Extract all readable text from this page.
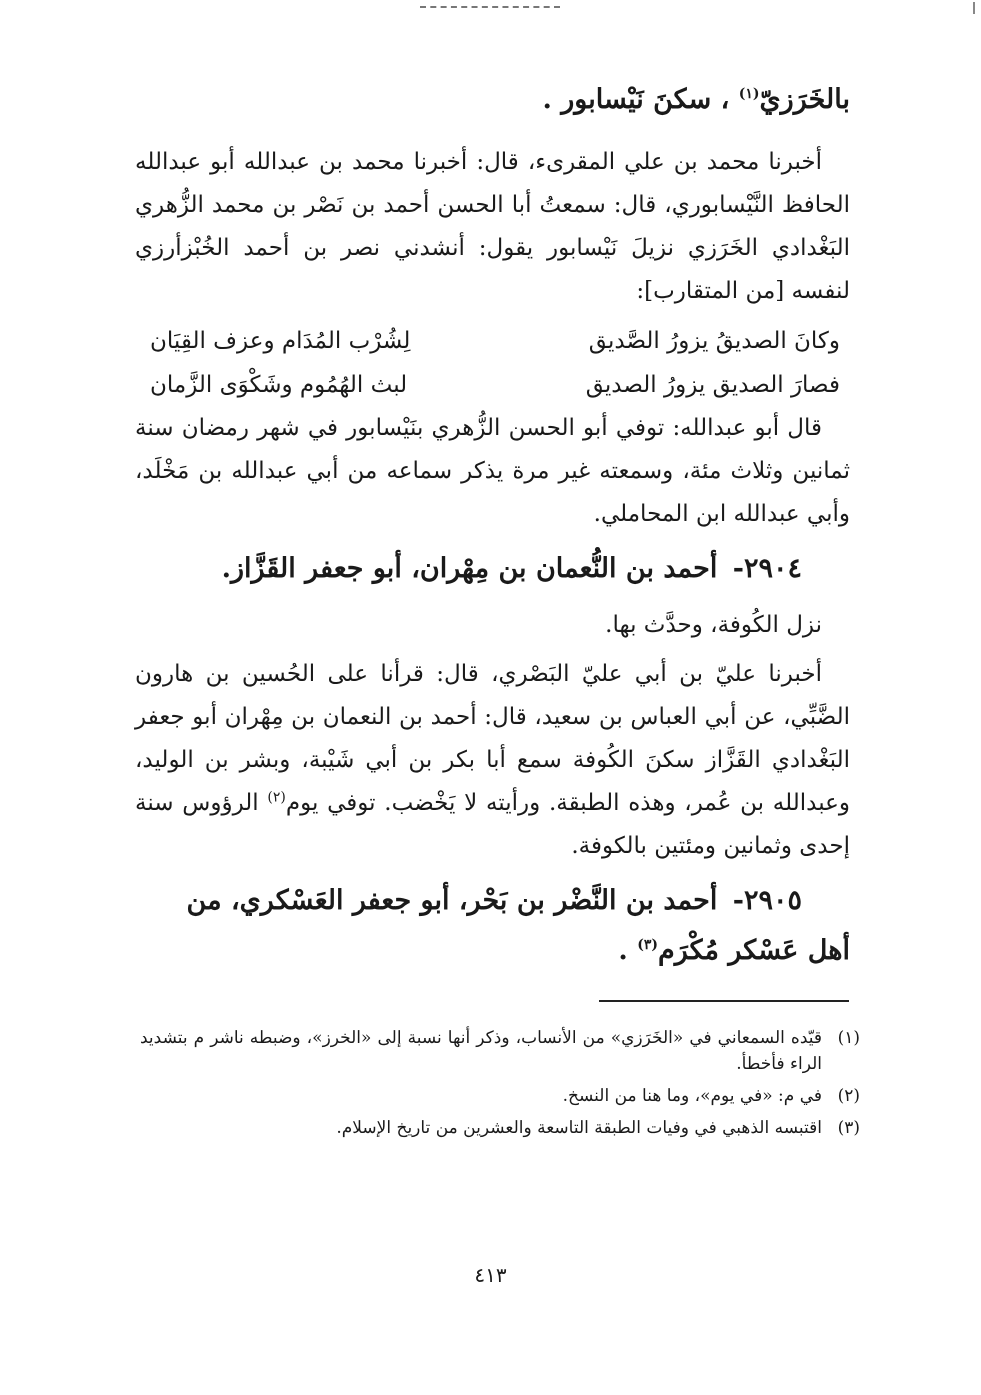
بالخَرَزيّ$^{(١)}$ ، سكنَ نَيْسابور .

أخبرنا محمد بن علي المقرىء، قال: أخبرنا محمد بن عبدالله أبو عبدالله الحافظ النَّيْسابوري، قال: سمعتُ أبا الحسن أحمد بن نَصْر بن محمد الزُّهري البَغْدادي الخَرَزي نزيلَ نَيْسابور يقول: أنشدني نصر بن أحمد الخُبْزأرزي لنفسه [من المتقارب]:

وكانَ الصديقُ يزورُ الصَّديق
لِشُرْب المُدَام وعزف القِيَان
فصارَ الصديق يزورُ الصديق
لبث الهُمُوم وشَكْوَى الزَّمان

قال أبو عبدالله: توفي أبو الحسن الزُّهري بنَيْسابور في شهر رمضان سنة ثمانين وثلاث مئة، وسمعته غير مرة يذكر سماعه من أبي عبدالله بن مَخْلَد، وأبي عبدالله ابن المحاملي.

٢٩٠٤- أحمد بن النُّعمان بن مِهْران، أبو جعفر القَزَّاز.

نزل الكُوفة، وحدَّث بها.

أخبرنا عليّ بن أبي عليّ البَصْري، قال: قرأنا على الحُسين بن هارون الضَّبِّي، عن أبي العباس بن سعيد، قال: أحمد بن النعمان بن مِهْران أبو جعفر البَغْدادي القَزَّاز سكنَ الكُوفة سمع أبا بكر بن أبي شَيْبة، وبشر بن الوليد، وعبدالله بن عُمر، وهذه الطبقة. ورأيته لا يَخْضب. توفي يوم$^{(٢)}$ الرؤوس سنة إحدى وثمانين ومئتين بالكوفة.

٢٩٠٥- أحمد بن النَّضْر بن بَحْر، أبو جعفر العَسْكري، من أهل عَسْكر مُكْرَم$^{(٣)}$ .
(١)
قيّده السمعاني في «الخَرَزي» من الأنساب، وذكر أنها نسبة إلى «الخرز»، وضبطه ناشر م بتشديد الراء فأخطأ.
(٢)
في م: «في يوم»، وما هنا من النسخ.
(٣)
اقتبسه الذهبي في وفيات الطبقة التاسعة والعشرين من تاريخ الإسلام.
٤١٣
